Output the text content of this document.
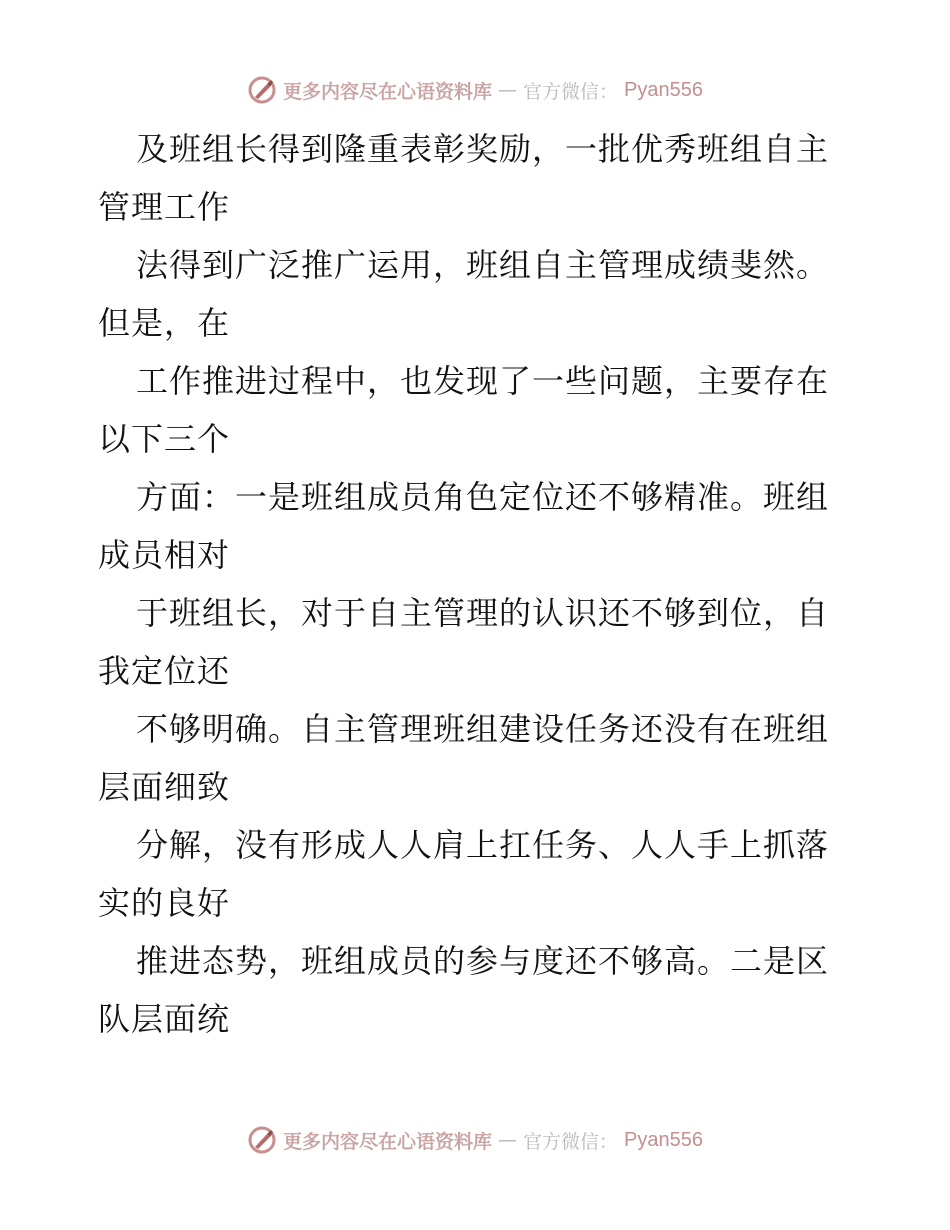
更多内容尽在心语资料库 — 官方微信： Pyan556

及班组长得到隆重表彰奖励，一批优秀班组自主
管理工作

法得到广泛推广运用，班组自主管理成绩斐然。
但是，在

工作推进过程中，也发现了一些问题，主要存在
以下三个

方面：一是班组成员角色定位还不够精准。班组
成员相对

于班组长，对于自主管理的认识还不够到位，自
我定位还

不够明确。自主管理班组建设任务还没有在班组
层面细致

分解，没有形成人人肩上扛任务、人人手上抓落
实的良好

推进态势，班组成员的参与度还不够高。二是区
队层面统

更多内容尽在心语资料库 — 官方微信： Pyan556
